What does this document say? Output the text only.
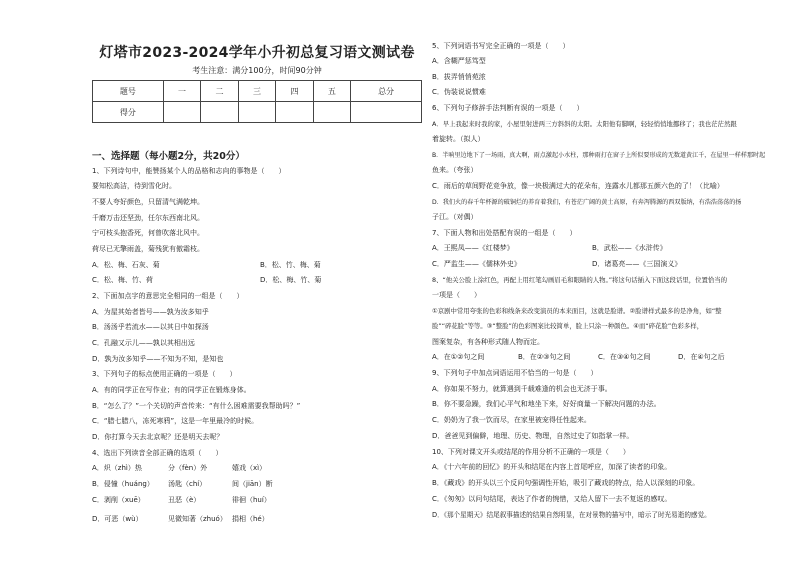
灯塔市2023-2024学年小升初总复习语文测试卷
考生注意：满分100分，时间90分钟
题号	一	二	三	四	五	总分
得分						
一、选择题（每小题2分，共20分）
1、下列诗句中，能赞扬某个人的品格和志向的事物是（　　）
要知松高洁，待到雪化时。
不要人夸好颜色，只留清气满乾坤。
千磨万击还坚劲，任尔东西南北风。
宁可枝头抱香死，何曾吹落北风中。
荷尽已无擎雨盖，菊残犹有傲霜枝。
A．松、梅、石灰、菊	B．松、竹、梅、菊
C．松、梅、竹、荷	D．松、梅、竹、菊
2、下面加点字的意思完全相同的一组是（　　）
A．为屋其始者皆号——孰为汝多知乎
B．汤汤乎若流水——以其日中如探汤
C．孔融又示儿——孰以其相出远
D．孰为汝多知乎——不知为不知，是知也
3、下列句子的标点使用正确的一项是（　　）
A．有的同学正在写作业；有的同学正在锻炼身体。
B．“怎么了？”一个关切的声音传来：“有什么困难需要我帮助吗？”
C．“腊七腊八，冻死寒鸦”，这是一年里最冷的时候。
D．你打算今天去北京呢？还是明天去呢？
4、选出下列读音全部正确的选项（　　）
A．炽（zhì）热	分（fèn）外	嬉戏（xì）
B．侵憧（huáng） 汤匙（chí）	间（jiān）断
C．剥削（xuē）	丑恶（è）	徘徊（huí）
D．可恶（wù）	见微知著（zhuó） 捐相（hé）
5、下列词语书写完全正确的一项是（　　）
A．含糊严惩笃型
B．拔弄悄悄苑浓
C．伪装说说惯难
6、下列句子修辞手法判断有误的一项是（　　）
A．早上我起来时我的家，小屋里射进两三方斜斜的太阳。太阳他有脚啊，轻轻悄悄地挪移了；我也茫茫然跟
着旋转。（拟人）
B．半响里边地下了一场雨，真大啊，雨点激起小水柱，那种雨打在窗子上所似要形成的无数道黄江千，在屋里一样样那时起
鱼来。（夸张）
C．雨后的草间野花竞争放，像一块极满过大的花朵布，连露水儿都那五颜六色的了！（比喻）
D．我们火的春千年杯源的破铜烂的养育着我们，有苍茫广阔的黄土高原，有奔泻腾源的西双版纳，有浩浩荡荡的扬
子江。（对偶）
7、下面人物和出处搭配有误的一组是（　　）
A．王熙凤——《红楼梦》	B．武松——《水浒传》
C．严监生——《儒林外史》	D．诸葛亮——《三国演义》
8、“他关公脸上涂红色，再配上用红笔勾画眉毛和眼睛的人物。”将这句话插入下面这段话里，位置恰当的
一项是（　　）
①京剧中常用夸张的色彩和线条来改变演员的本来面目，这就是脸谱。②脸谱样式最多的是净角，如“整
脸”“碎花脸”等等。③“整脸”的色彩图案比较简单，脸上只涂一种颜色。④而“碎花脸”色彩多样，
图案复杂，有各种形式随人物而定。
A．在①②句之间	B．在②③句之间	C．在③④句之间	D．在④句之后
9、下列句子中加点词语运用不恰当的一句是（　　）
A．你如果不努力，就算遇到千载难逢的机会也无济于事。
B．你不要急躁，我们心平气和地坐下来，好好商量一下解决问题的办法。
C．奶奶为了我一饮而尽，在家里被宠得任性起来。
D．爸爸见到偏僻，地理、历史、物理，自然过史了如指掌一样。
10、下列对课文开头或结尾的作用分析不正确的一项是（　　）
A．《十六年前的回忆》的开头和结尾在内容上首尾呼应，加深了读者的印象。
B．《藏戏》的开头以三个反问句强调性开始，吸引了藏戏的特点，给人以深刻的印象。
C．《匆匆》以问句结尾，表达了作者的惋惜，又给人留下一去不复返的感叹。
D．《那个星期天》结尾叙事描述的结果自然明显，在对景物的描写中，暗示了时光易逝的感觉。
